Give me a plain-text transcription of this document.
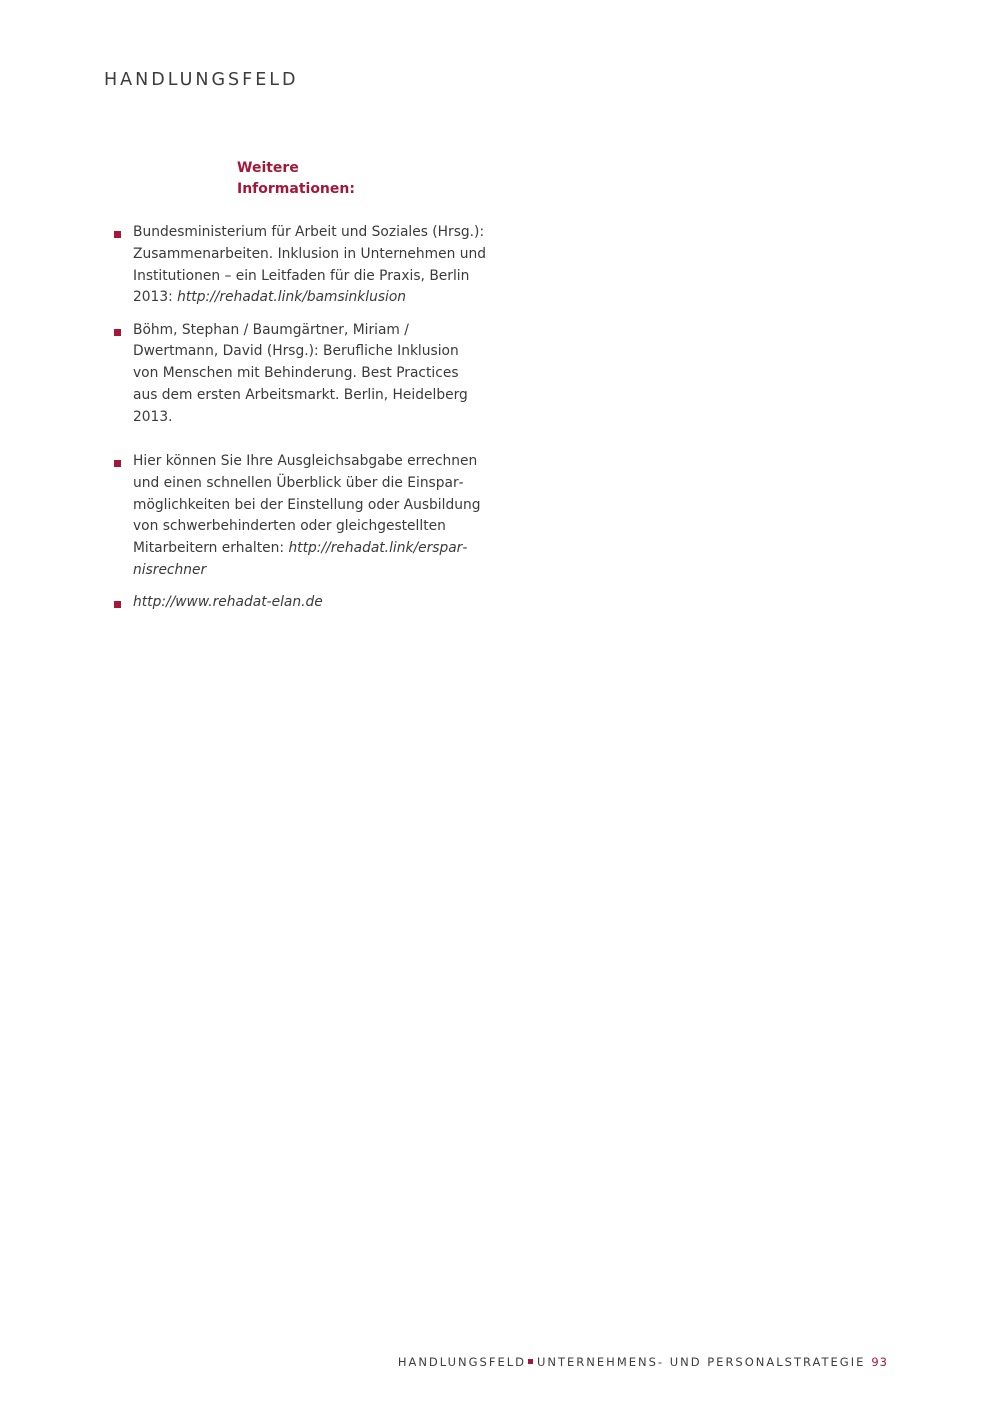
HANDLUNGSFELD
Weitere
Informationen:
Bundesministerium für Arbeit und Soziales (Hrsg.): Zusammenarbeiten. Inklusion in Unternehmen und Institutionen – ein Leitfaden für die Praxis, Berlin 2013: http://rehadat.link/bamsinklusion
Böhm, Stephan / Baumgärtner, Miriam / Dwertmann, David (Hrsg.): Berufliche Inklusion von Menschen mit Behinderung. Best Practices aus dem ersten Arbeitsmarkt. Berlin, Heidelberg 2013.
Hier können Sie Ihre Ausgleichsabgabe errechnen und einen schnellen Überblick über die Einsparmöglichkeiten bei der Einstellung oder Ausbildung von schwerbehinderten oder gleichgestellten Mitarbeitern erhalten: http://rehadat.link/ersparnisrechner
http://www.rehadat-elan.de
HANDLUNGSFELD UNTERNEHMENS- UND PERSONALSTRATEGIE 93
